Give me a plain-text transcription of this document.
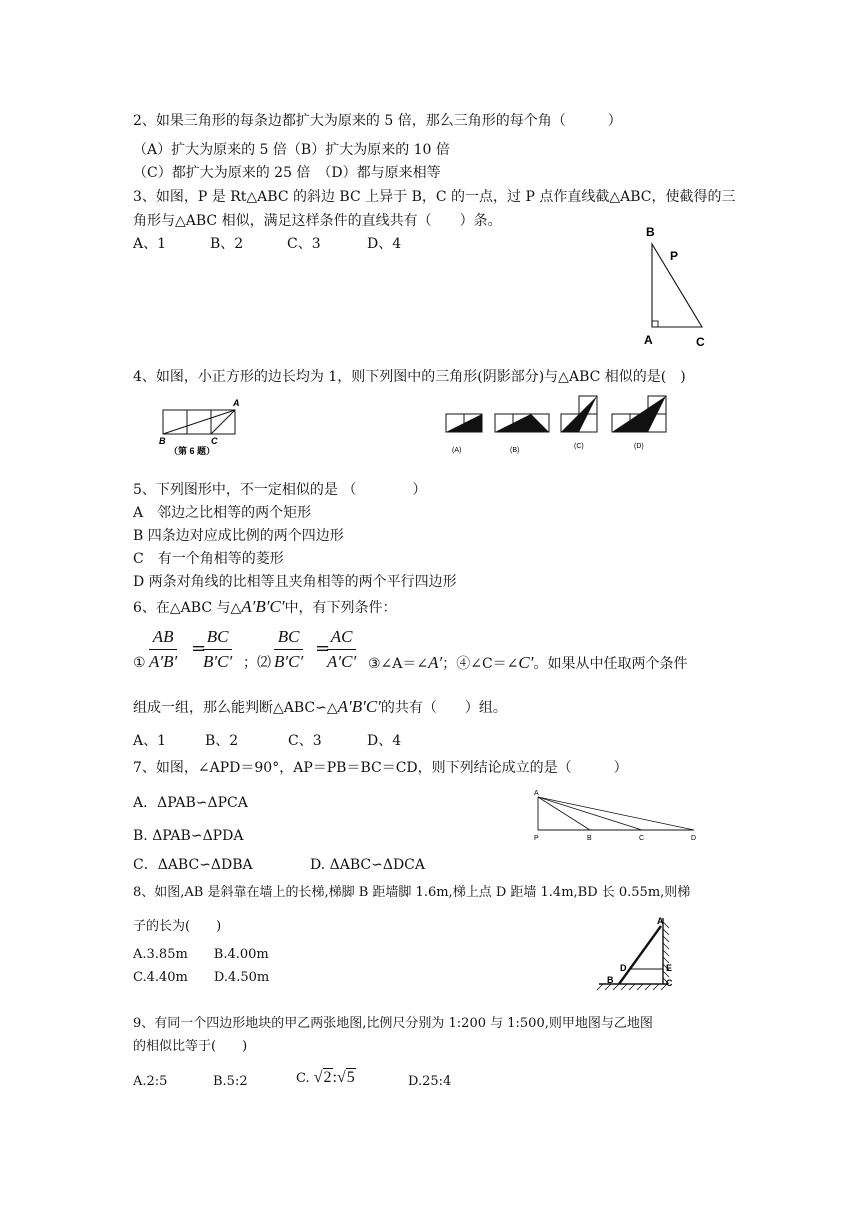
2、如果三角形的每条边都扩大为原来的 5 倍，那么三角形的每个角（　　　）
（A）扩大为原来的 5 倍（B）扩大为原来的 10 倍
（C）都扩大为原来的 25 倍　（D）都与原来相等
3、如图，P 是 Rt△ABC 的斜边 BC 上异于 B，C 的一点，过 P 点作直线截△ABC，使截得的三
角形与△ABC 相似，满足这样条件的直线共有（　　）条。
A、1	B、2	C、3	D、4
B
P
A	C
4、如图，小正方形的边长均为 1，则下列图中的三角形(阴影部分)与△ABC 相似的是(　)
A
B	C
（第 6 题）	(A)	(B)
(C)	(D)
5、下列图形中，不一定相似的是 （　　　　）
A　邻边之比相等的两个矩形
B 四条边对应成比例的两个四边形
C　有一个角相等的菱形
D 两条对角线的比相等且夹角相等的两个平行四边形
6、在△ABC 与△A′B′C′中，有下列条件：
① $\frac{AB}{A'B'}$ =
$\frac{BC}{B'C'}$ ；⑵ $\frac{BC}{B'C'}$ =
$\frac{AC}{A'C'}$ ③∠A＝∠A′；④∠C＝∠C′。如果从中任取两个条件
组成一组，那么能判断△ABC∽△A′B′C′的共有（　　）组。
A、1	B、2	C、3	D、4
7、如图，∠APD＝90°，AP＝PB＝BC＝CD，则下列结论成立的是（　　　）
A．ΔPAB∽ΔPCA
B. ΔPAB∽ΔPDA
C．ΔABC∽ΔDBA	D. ΔABC∽ΔDCA
A
P	B	C	D
8、如图,AB 是斜靠在墙上的长梯,梯脚 B 距墙脚 1.6m,梯上点 D 距墙 1.4m,BD 长 0.55m,则梯
子的长为(　　)
A.3.85m　　B.4.00m
C.4.40m　　D.4.50m
A
D	E
B	C
9、有同一个四边形地块的甲乙两张地图,比例尺分别为 1:200 与 1:500,则甲地图与乙地图
的相似比等于(　　)
A.2:5	B.5:2	C. √2:√5	D.25:4
